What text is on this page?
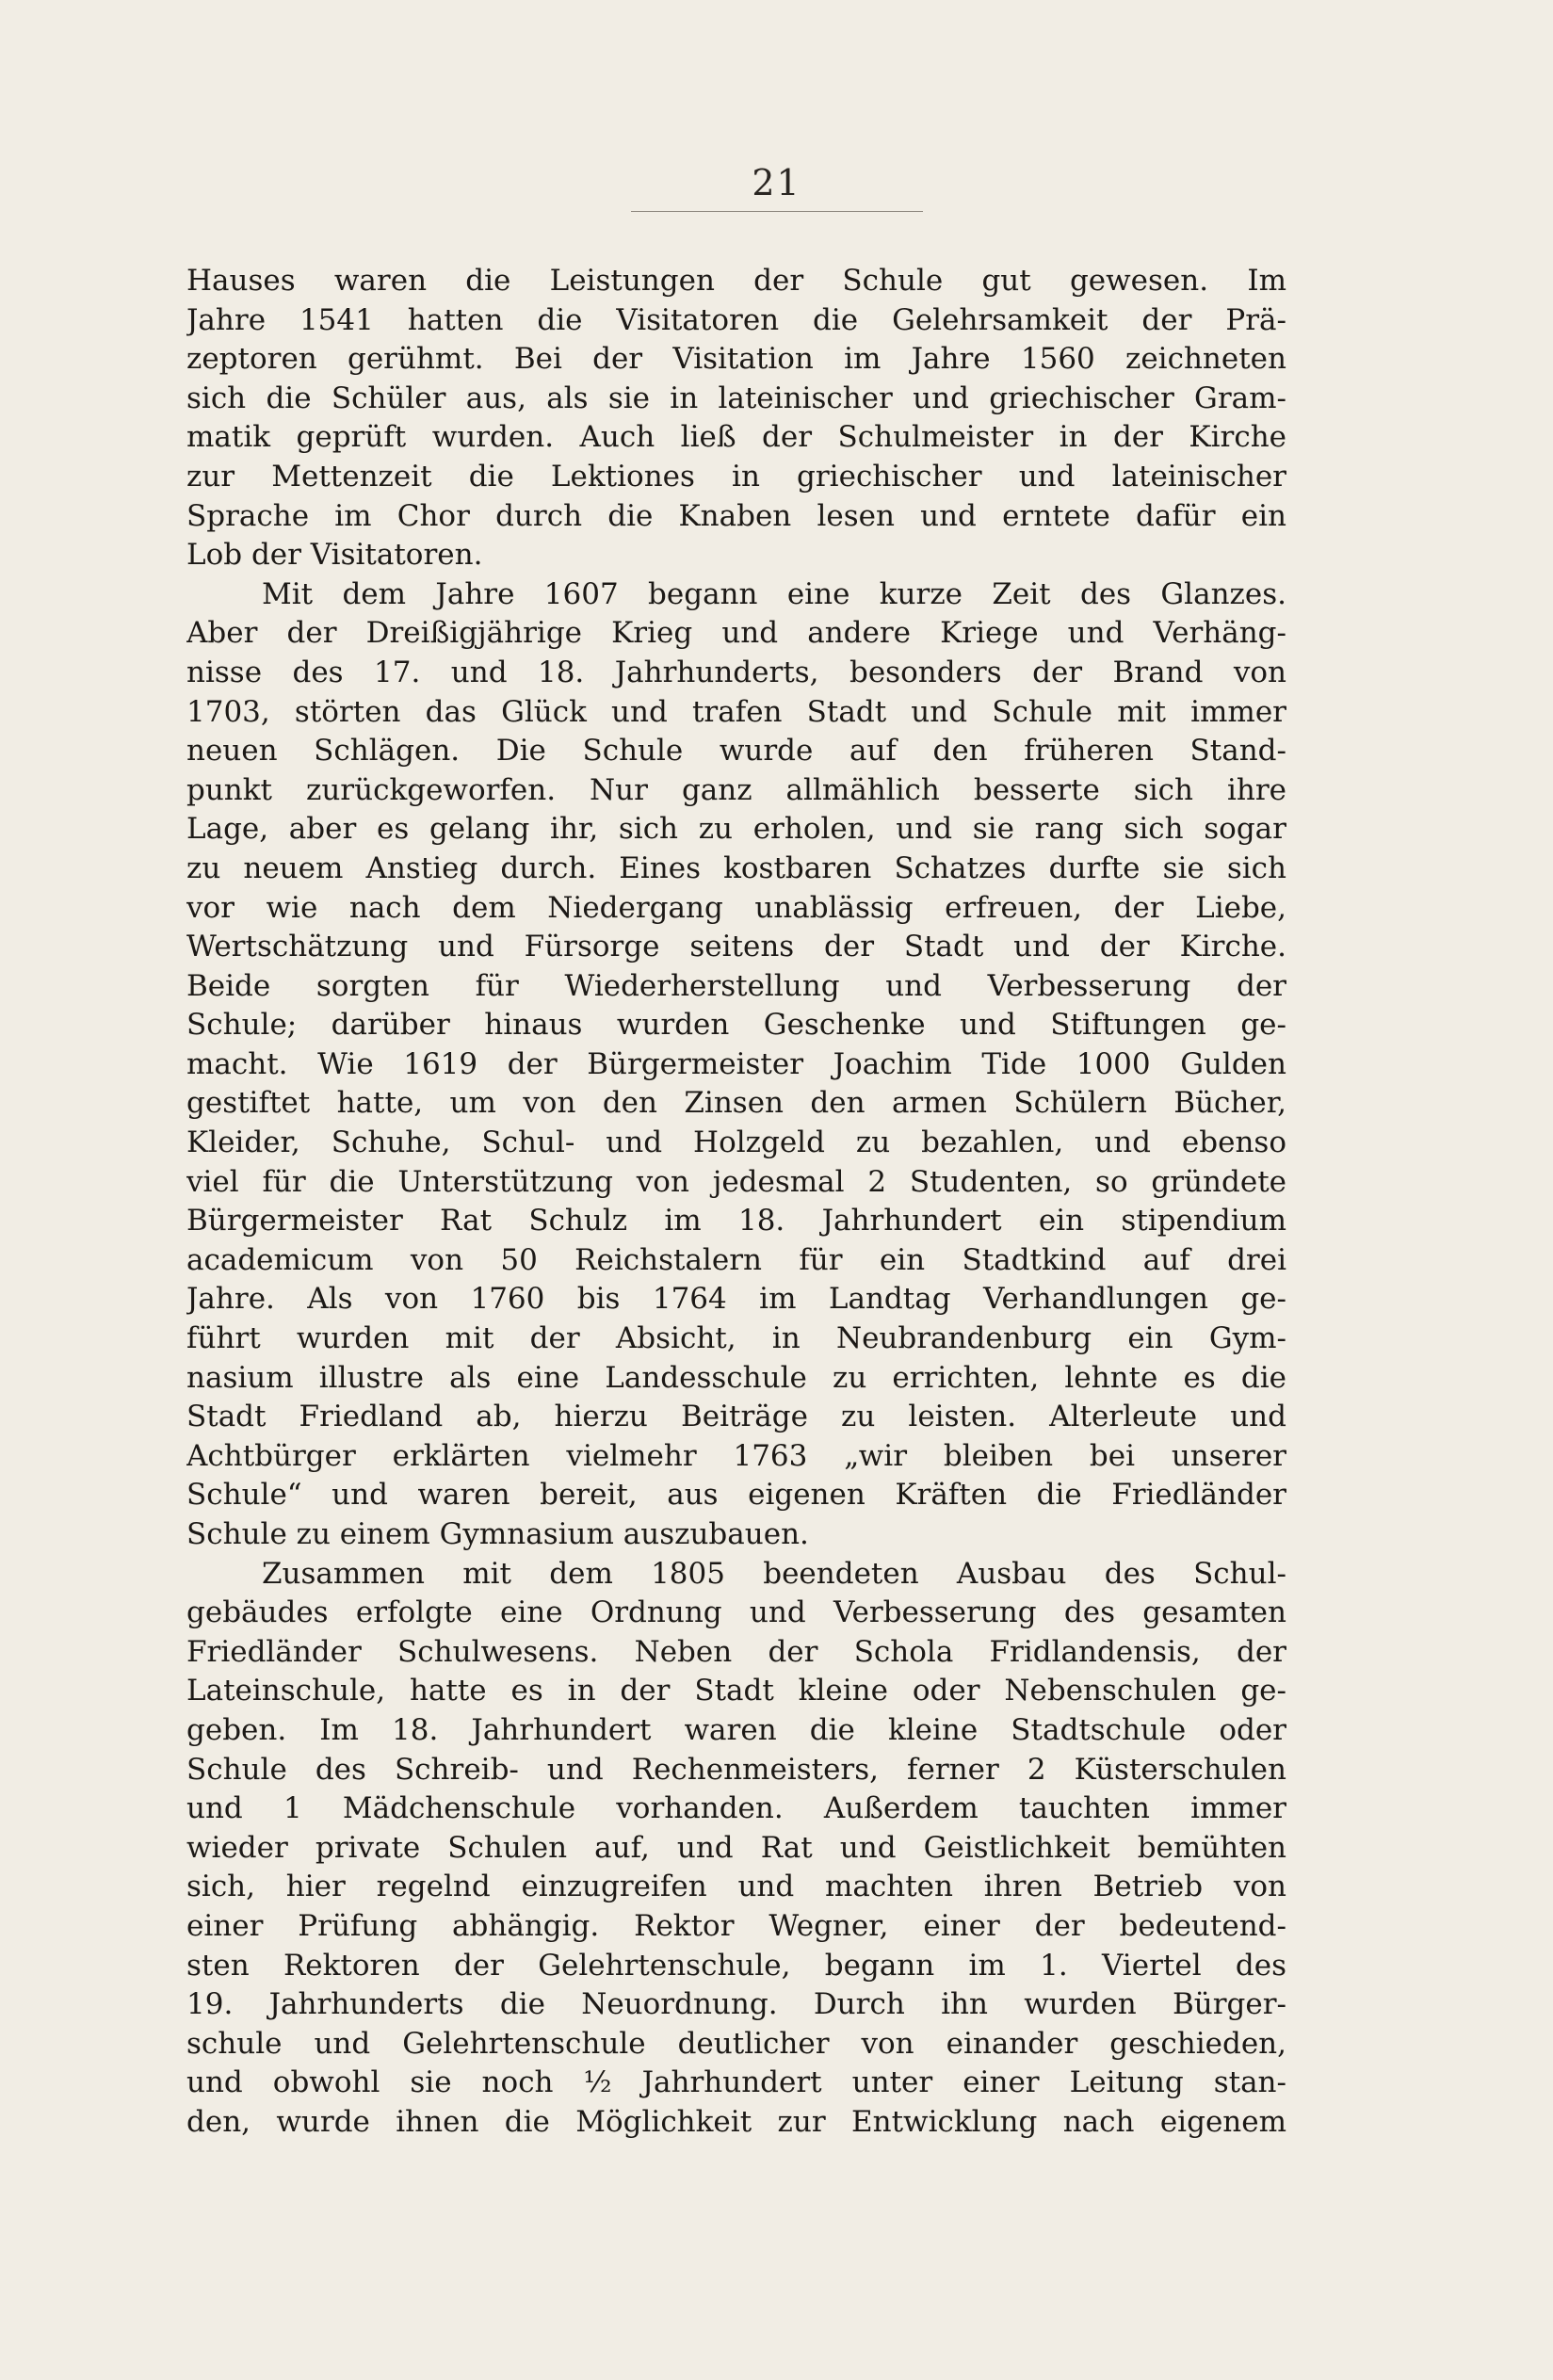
21
Hauses waren die Leistungen der Schule gut gewesen. Im
Jahre 1541 hatten die Visitatoren die Gelehrsamkeit der Prä-
zeptoren gerühmt. Bei der Visitation im Jahre 1560 zeichneten
sich die Schüler aus, als sie in lateinischer und griechischer Gram-
matik geprüft wurden. Auch ließ der Schulmeister in der Kirche
zur Mettenzeit die Lektiones in griechischer und lateinischer
Sprache im Chor durch die Knaben lesen und erntete dafür ein
Lob der Visitatoren.
Mit dem Jahre 1607 begann eine kurze Zeit des Glanzes.
Aber der Dreißigjährige Krieg und andere Kriege und Verhäng-
nisse des 17. und 18. Jahrhunderts, besonders der Brand von
1703, störten das Glück und trafen Stadt und Schule mit immer
neuen Schlägen. Die Schule wurde auf den früheren Stand-
punkt zurückgeworfen. Nur ganz allmählich besserte sich ihre
Lage, aber es gelang ihr, sich zu erholen, und sie rang sich sogar
zu neuem Anstieg durch. Eines kostbaren Schatzes durfte sie sich
vor wie nach dem Niedergang unablässig erfreuen, der Liebe,
Wertschätzung und Fürsorge seitens der Stadt und der Kirche.
Beide sorgten für Wiederherstellung und Verbesserung der
Schule; darüber hinaus wurden Geschenke und Stiftungen ge-
macht. Wie 1619 der Bürgermeister Joachim Tide 1000 Gulden
gestiftet hatte, um von den Zinsen den armen Schülern Bücher,
Kleider, Schuhe, Schul- und Holzgeld zu bezahlen, und ebenso
viel für die Unterstützung von jedesmal 2 Studenten, so gründete
Bürgermeister Rat Schulz im 18. Jahrhundert ein stipendium
academicum von 50 Reichstalern für ein Stadtkind auf drei
Jahre. Als von 1760 bis 1764 im Landtag Verhandlungen ge-
führt wurden mit der Absicht, in Neubrandenburg ein Gym-
nasium illustre als eine Landesschule zu errichten, lehnte es die
Stadt Friedland ab, hierzu Beiträge zu leisten. Alterleute und
Achtbürger erklärten vielmehr 1763 „wir bleiben bei unserer
Schule“ und waren bereit, aus eigenen Kräften die Friedländer
Schule zu einem Gymnasium auszubauen.
Zusammen mit dem 1805 beendeten Ausbau des Schul-
gebäudes erfolgte eine Ordnung und Verbesserung des gesamten
Friedländer Schulwesens. Neben der Schola Fridlandensis, der
Lateinschule, hatte es in der Stadt kleine oder Nebenschulen ge-
geben. Im 18. Jahrhundert waren die kleine Stadtschule oder
Schule des Schreib- und Rechenmeisters, ferner 2 Küsterschulen
und 1 Mädchenschule vorhanden. Außerdem tauchten immer
wieder private Schulen auf, und Rat und Geistlichkeit bemühten
sich, hier regelnd einzugreifen und machten ihren Betrieb von
einer Prüfung abhängig. Rektor Wegner, einer der bedeutend-
sten Rektoren der Gelehrtenschule, begann im 1. Viertel des
19. Jahrhunderts die Neuordnung. Durch ihn wurden Bürger-
schule und Gelehrtenschule deutlicher von einander geschieden,
und obwohl sie noch ½ Jahrhundert unter einer Leitung stan-
den, wurde ihnen die Möglichkeit zur Entwicklung nach eigenem
